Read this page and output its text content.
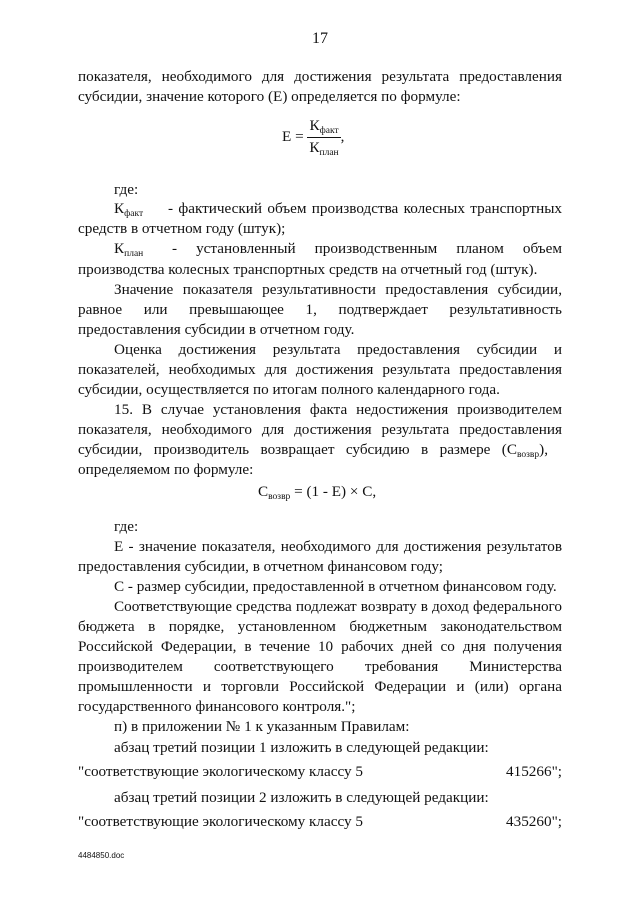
17
показателя, необходимого для достижения результата предоставления
субсидии, значение которого (E) определяется по формуле:
$E = \frac{К_{факт}}{К_{план}}$ ,
где:
$К_{факт}$ - фактический объем производства колесных транспортных
средств в отчетном году (штук);
$К_{план}$ - установленный производственным планом объем
производства колесных транспортных средств на отчетный год (штук).
Значение показателя результативности предоставления субсидии,
равное или превышающее 1, подтверждает результативность
предоставления субсидии в отчетном году.
Оценка достижения результата предоставления субсидии и
показателей, необходимых для достижения результата предоставления
субсидии, осуществляется по итогам полного календарного года.
15. В случае установления факта недостижения производителем
показателя, необходимого для достижения результата предоставления
субсидии, производитель возвращает субсидию в размере $(С_{возвр})$,
определяемом по формуле:
$С_{возвр} = (1 - E) \times С$,
где:
E - значение показателя, необходимого для достижения результатов
предоставления субсидии, в отчетном финансовом году;
С - размер субсидии, предоставленной в отчетном финансовом году.
Соответствующие средства подлежат возврату в доход федерального
бюджета в порядке, установленном бюджетным законодательством
Российской Федерации, в течение 10 рабочих дней со дня получения
производителем соответствующего требования Министерства
промышленности и торговли Российской Федерации и (или) органа
государственного финансового контроля.";
п) в приложении № 1 к указанным Правилам:
абзац третий позиции 1 изложить в следующей редакции:
"соответствующие экологическому классу 5	415266";
абзац третий позиции 2 изложить в следующей редакции:
"соответствующие экологическому классу 5	435260";
4484850.doc
